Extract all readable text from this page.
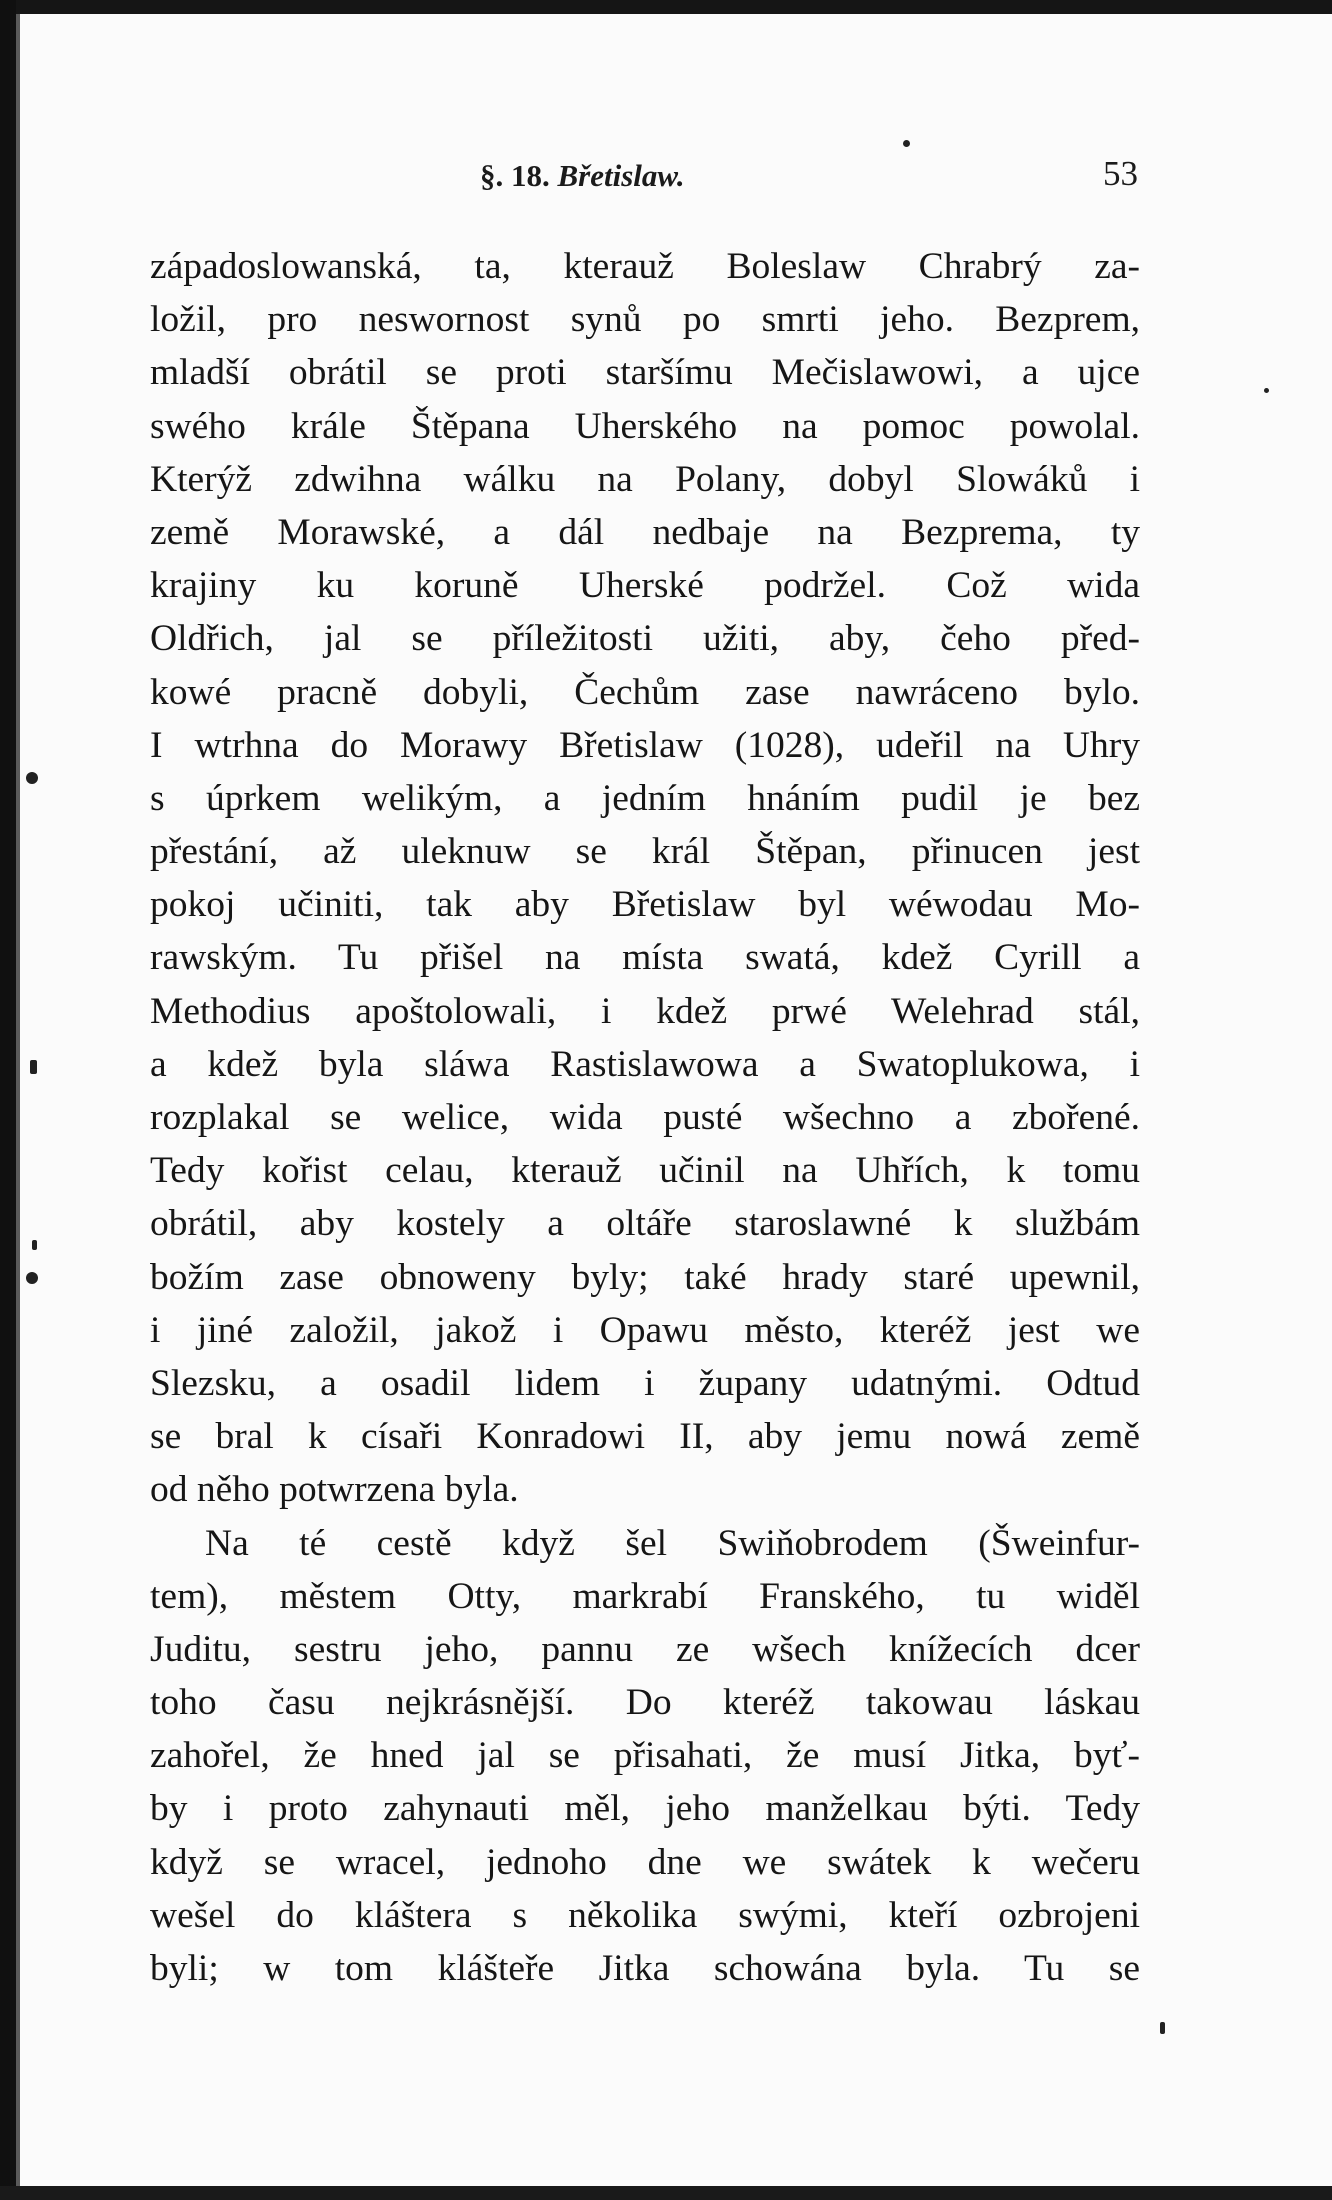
§. 18. Břetislaw.	53
západoslowanská, ta, kterauž Boleslaw Chrabrý za-
ložil, pro neswornost synů po smrti jeho. Bezprem,
mladší obrátil se proti staršímu Mečislawowi, a ujce
swého krále Štěpana Uherského na pomoc powolal.
Kterýž zdwihna wálku na Polany, dobyl Slowáků i
země Morawské, a dál nedbaje na Bezprema, ty
krajiny ku koruně Uherské podržel. Což wida
Oldřich, jal se příležitosti užiti, aby, čeho před-
kowé pracně dobyli, Čechům zase nawráceno bylo.
I wtrhna do Morawy Břetislaw (1028), udeřil na Uhry
s úprkem welikým, a jedním hnáním pudil je bez
přestání, až uleknuw se král Štěpan, přinucen jest
pokoj učiniti, tak aby Břetislaw byl wéwodau Mo-
rawským. Tu přišel na místa swatá, kdež Cyrill a
Methodius apoštolowali, i kdež prwé Welehrad stál,
a kdež byla sláwa Rastislawowa a Swatoplukowa, i
rozplakal se welice, wida pusté wšechno a zbořené.
Tedy kořist celau, kterauž učinil na Uhřích, k tomu
obrátil, aby kostely a oltáře staroslawné k službám
božím zase obnoweny byly; také hrady staré upewnil,
i jiné založil, jakož i Opawu město, kteréž jest we
Slezsku, a osadil lidem i župany udatnými. Odtud
se bral k císaři Konradowi II, aby jemu nowá země
od něho potwrzena byla.
Na té cestě když šel Swiňobrodem (Šweinfur-
tem), městem Otty, markrabí Franského, tu widěl
Juditu, sestru jeho, pannu ze wšech knížecích dcer
toho času nejkrásnější. Do kteréž takowau láskau
zahořel, že hned jal se přisahati, že musí Jitka, byť-
by i proto zahynauti měl, jeho manželkau býti. Tedy
když se wracel, jednoho dne we swátek k wečeru
wešel do kláštera s několika swými, kteří ozbrojeni
byli; w tom klášteře Jitka schowána byla. Tu se
